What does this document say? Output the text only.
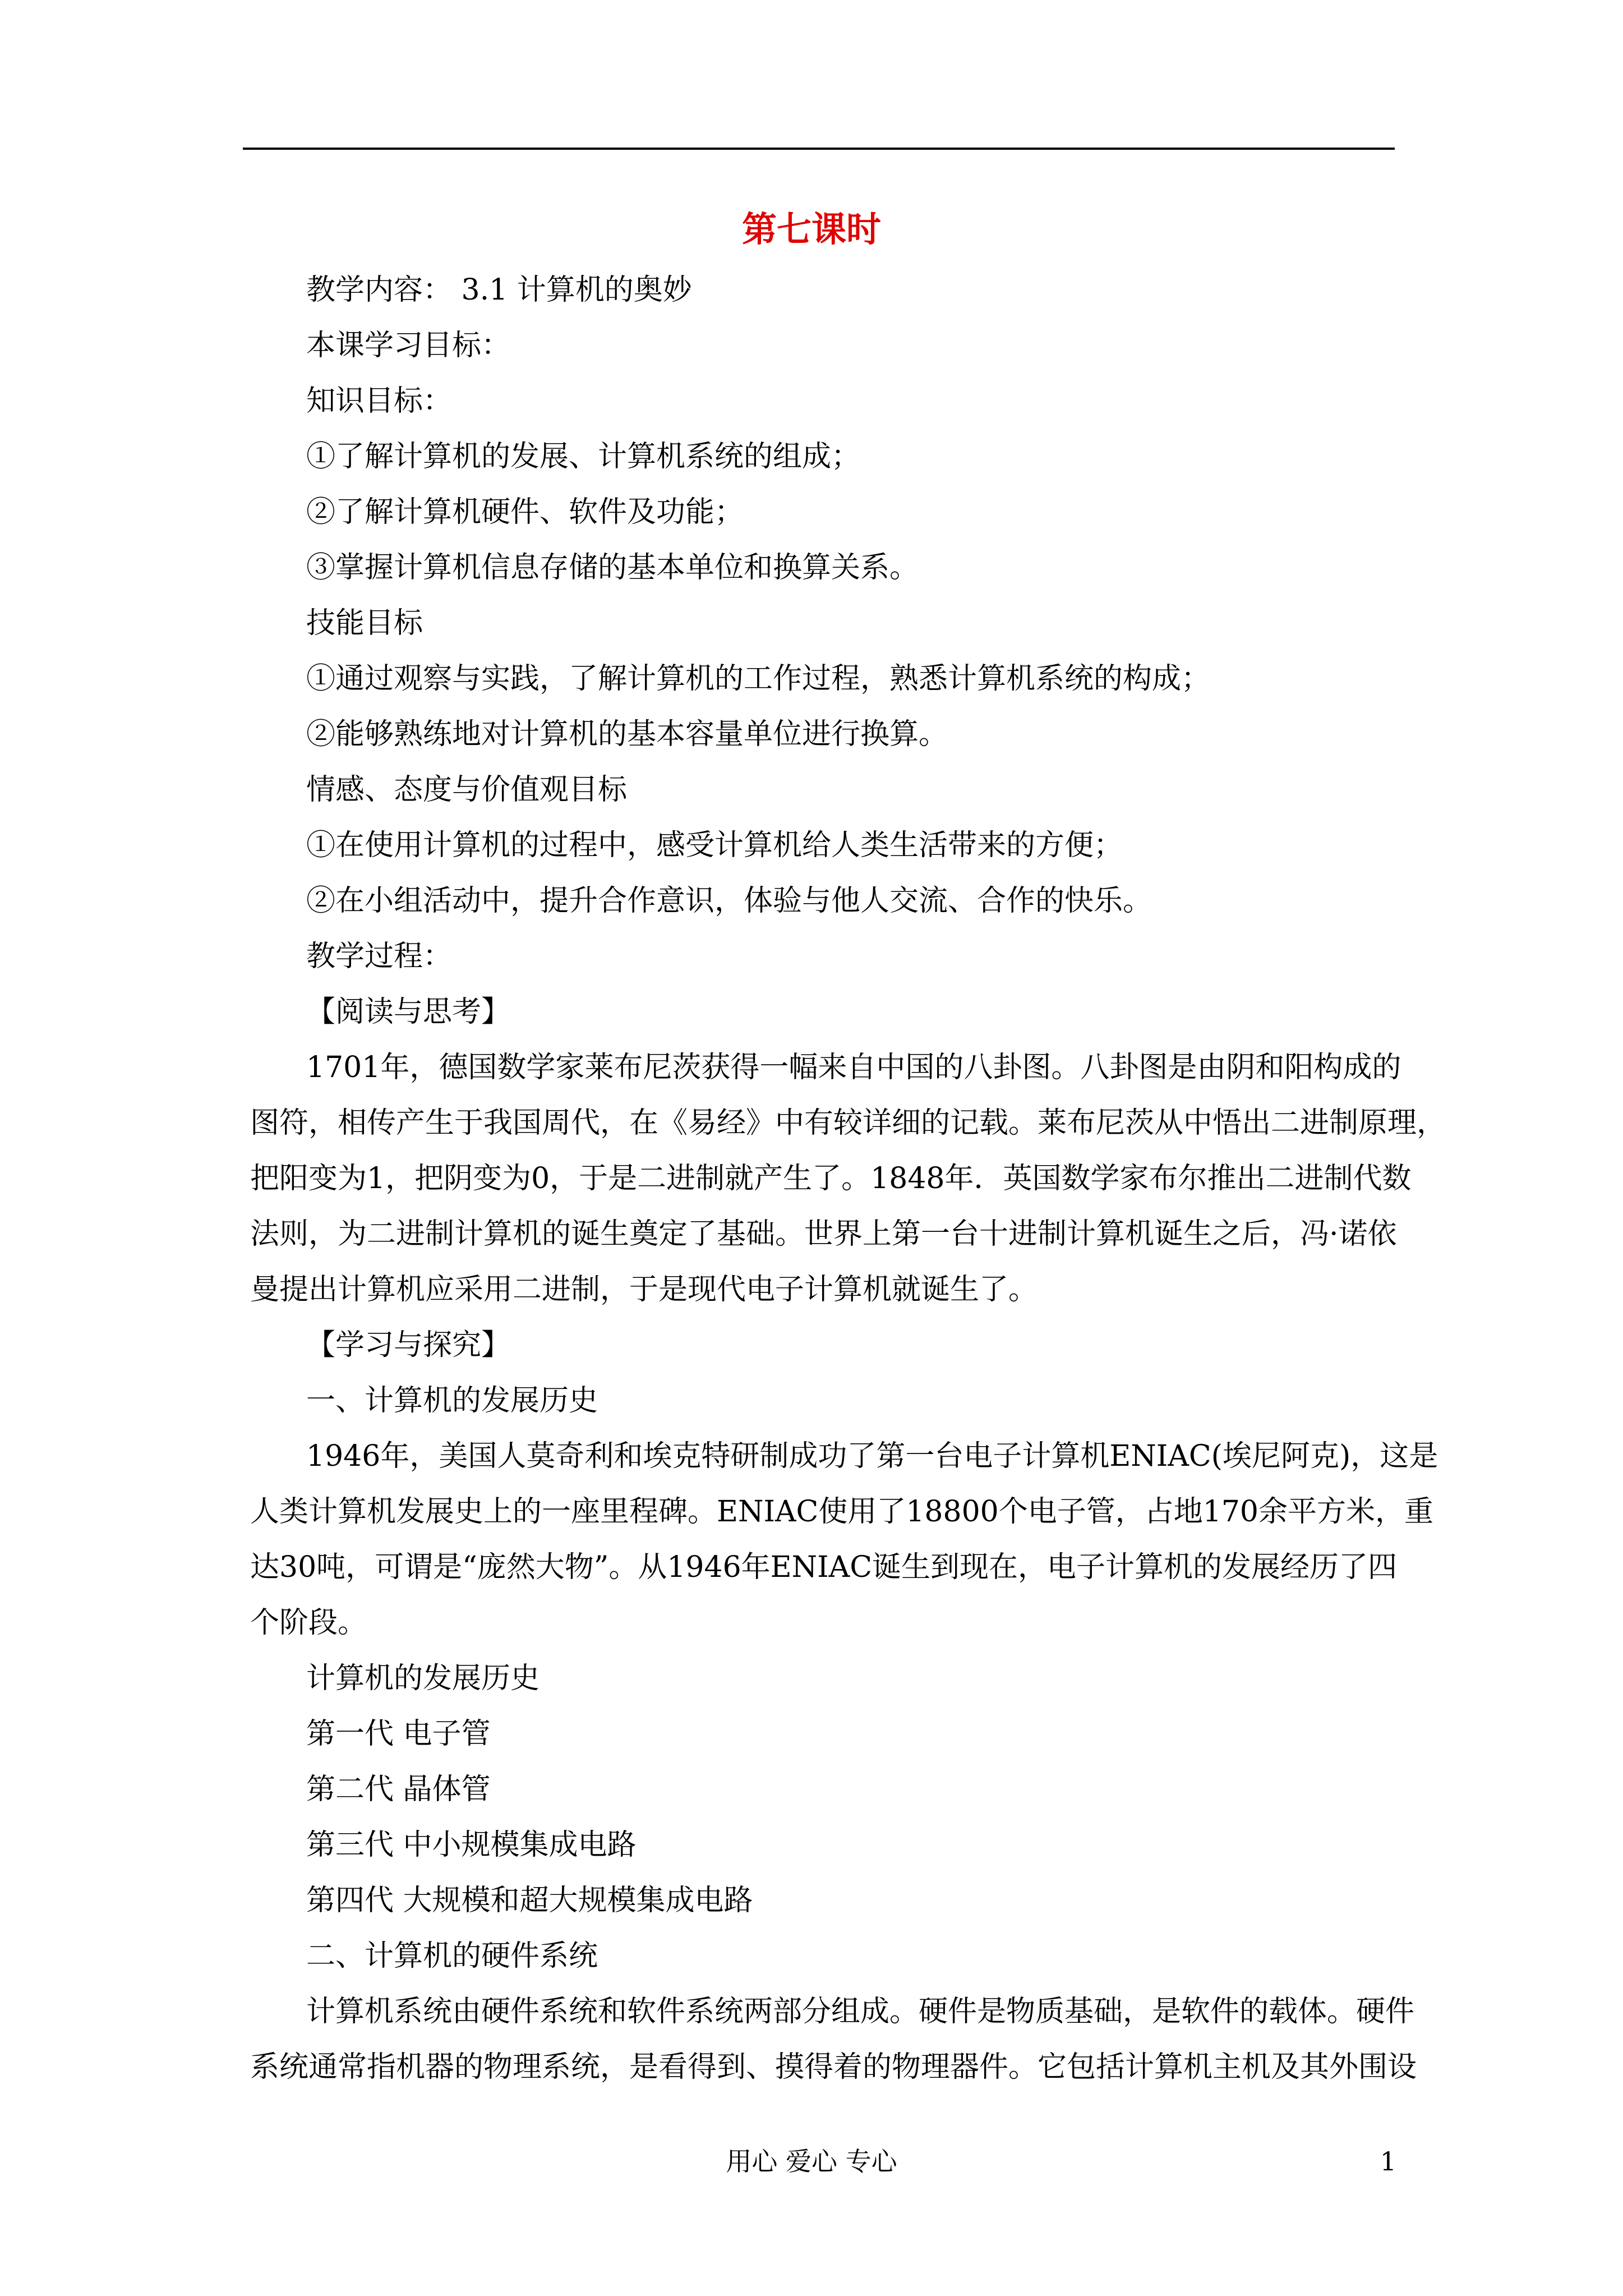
第七课时
教学内容： 3.1 计算机的奥妙
本课学习目标：
知识目标：
①了解计算机的发展、计算机系统的组成；
②了解计算机硬件、软件及功能；
③掌握计算机信息存储的基本单位和换算关系。
技能目标
①通过观察与实践，了解计算机的工作过程，熟悉计算机系统的构成；
②能够熟练地对计算机的基本容量单位进行换算。
情感、态度与价值观目标
①在使用计算机的过程中，感受计算机给人类生活带来的方便；
②在小组活动中，提升合作意识，体验与他人交流、合作的快乐。
教学过程：
【阅读与思考】
1701年，德国数学家莱布尼茨获得一幅来自中国的八卦图。八卦图是由阴和阳构成的
图符，相传产生于我国周代，在《易经》中有较详细的记载。莱布尼茨从中悟出二进制原理，
把阳变为1，把阴变为0，于是二进制就产生了。1848年．英国数学家布尔推出二进制代数
法则，为二进制计算机的诞生奠定了基础。世界上第一台十进制计算机诞生之后，冯·诺依
曼提出计算机应采用二进制，于是现代电子计算机就诞生了。
【学习与探究】
一、计算机的发展历史
1946年，美国人莫奇利和埃克特研制成功了第一台电子计算机ENIAC(埃尼阿克)，这是
人类计算机发展史上的一座里程碑。ENIAC使用了18800个电子管，占地170余平方米，重
达30吨，可谓是“庞然大物”。从1946年ENIAC诞生到现在，电子计算机的发展经历了四
个阶段。
计算机的发展历史
第一代 电子管
第二代 晶体管
第三代 中小规模集成电路
第四代 大规模和超大规模集成电路
二、计算机的硬件系统
计算机系统由硬件系统和软件系统两部分组成。硬件是物质基础，是软件的载体。硬件
系统通常指机器的物理系统，是看得到、摸得着的物理器件。它包括计算机主机及其外围设
用心 爱心 专心	1
